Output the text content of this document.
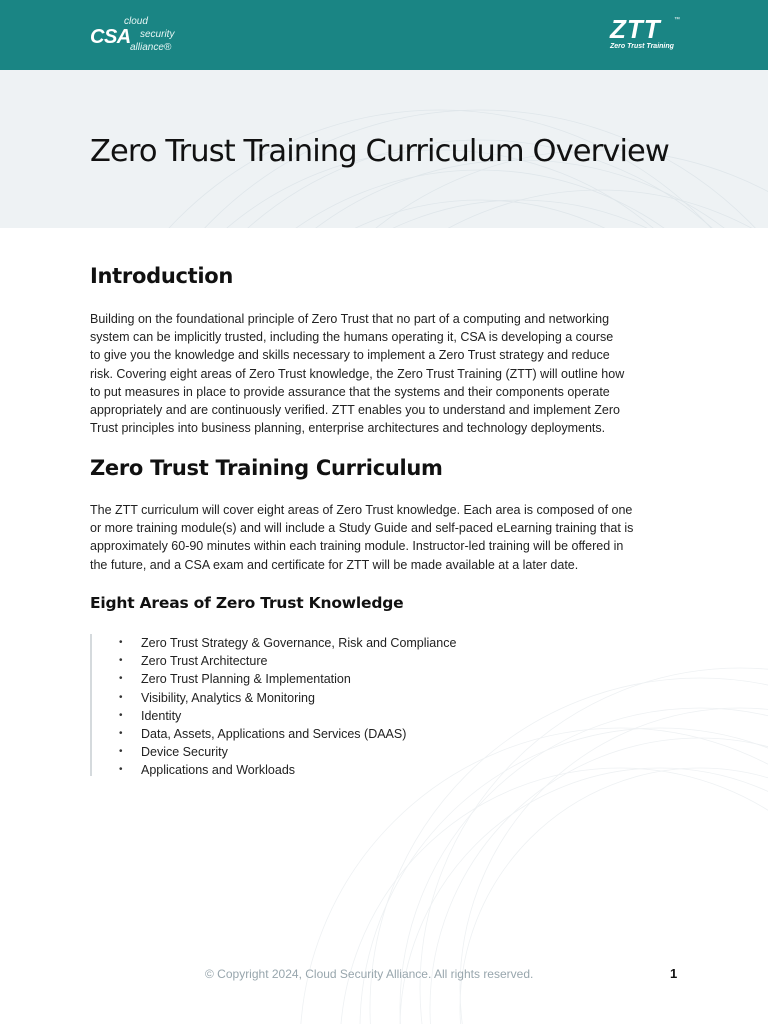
CSA
cloud
security
alliance®
ZTT ™
Zero Trust Training
Zero Trust Training Curriculum Overview
Introduction
Building on the foundational principle of Zero Trust that no part of a computing and networking
system can be implicitly trusted, including the humans operating it, CSA is developing a course
to give you the knowledge and skills necessary to implement a Zero Trust strategy and reduce
risk. Covering eight areas of Zero Trust knowledge, the Zero Trust Training (ZTT) will outline how
to put measures in place to provide assurance that the systems and their components operate
appropriately and are continuously verified. ZTT enables you to understand and implement Zero
Trust principles into business planning, enterprise architectures and technology deployments.
Zero Trust Training Curriculum
The ZTT curriculum will cover eight areas of Zero Trust knowledge. Each area is composed of one
or more training module(s) and will include a Study Guide and self-paced eLearning training that is
approximately 60-90 minutes within each training module. Instructor-led training will be offered in
the future, and a CSA exam and certificate for ZTT will be made available at a later date.
Eight Areas of Zero Trust Knowledge
• Zero Trust Strategy & Governance, Risk and Compliance
• Zero Trust Architecture
• Zero Trust Planning & Implementation
• Visibility, Analytics & Monitoring
• Identity
• Data, Assets, Applications and Services (DAAS)
• Device Security
• Applications and Workloads
© Copyright 2024, Cloud Security Alliance. All rights reserved.	1
